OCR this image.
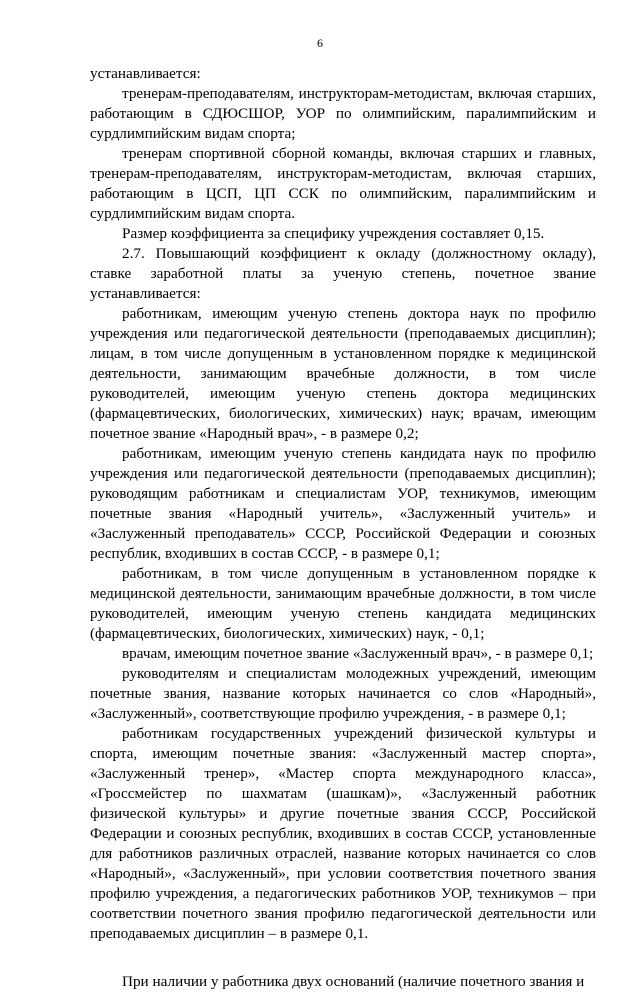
6

устанавливается:

тренерам-преподавателям, инструкторам-методистам, включая старших, работающим в СДЮСШОР, УОР по олимпийским, паралимпийским и сурдлимпийским видам спорта;

тренерам спортивной сборной команды, включая старших и главных, тренерам-преподавателям, инструкторам-методистам, включая старших, работающим в ЦСП, ЦП ССК по олимпийским, паралимпийским и сурдлимпийским видам спорта.

Размер коэффициента за специфику учреждения составляет 0,15.

2.7. Повышающий коэффициент к окладу (должностному окладу), ставке заработной платы за ученую степень, почетное звание устанавливается:

работникам, имеющим ученую степень доктора наук по профилю учреждения или педагогической деятельности (преподаваемых дисциплин); лицам, в том числе допущенным в установленном порядке к медицинской деятельности, занимающим врачебные должности, в том числе руководителей, имеющим ученую степень доктора медицинских (фармацевтических, биологических, химических) наук; врачам, имеющим почетное звание «Народный врач», - в размере 0,2;

работникам, имеющим ученую степень кандидата наук по профилю учреждения или педагогической деятельности (преподаваемых дисциплин); руководящим работникам и специалистам УОР, техникумов, имеющим почетные звания «Народный учитель», «Заслуженный учитель» и «Заслуженный преподаватель» СССР, Российской Федерации и союзных республик, входивших в состав СССР, - в размере 0,1;

работникам, в том числе допущенным в установленном порядке к медицинской деятельности, занимающим врачебные должности, в том числе руководителей, имеющим ученую степень кандидата медицинских (фармацевтических, биологических, химических) наук, - 0,1;

врачам, имеющим почетное звание «Заслуженный врач», - в размере 0,1;

руководителям и специалистам молодежных учреждений, имеющим почетные звания, название которых начинается со слов «Народный», «Заслуженный», соответствующие профилю учреждения, - в размере 0,1;

работникам государственных учреждений физической культуры и спорта, имеющим почетные звания: «Заслуженный мастер спорта», «Заслуженный тренер», «Мастер спорта международного класса», «Гроссмейстер по шахматам (шашкам)», «Заслуженный работник физической культуры» и другие почетные звания СССР, Российской Федерации и союзных республик, входивших в состав СССР, установленные для работников различных отраслей, название которых начинается со слов «Народный», «Заслуженный», при условии соответствия почетного звания профилю учреждения, а педагогических работников УОР, техникумов – при соответствии почетного звания профилю педагогической деятельности или преподаваемых дисциплин – в размере 0,1.

При наличии у работника двух оснований (наличие почетного звания и
